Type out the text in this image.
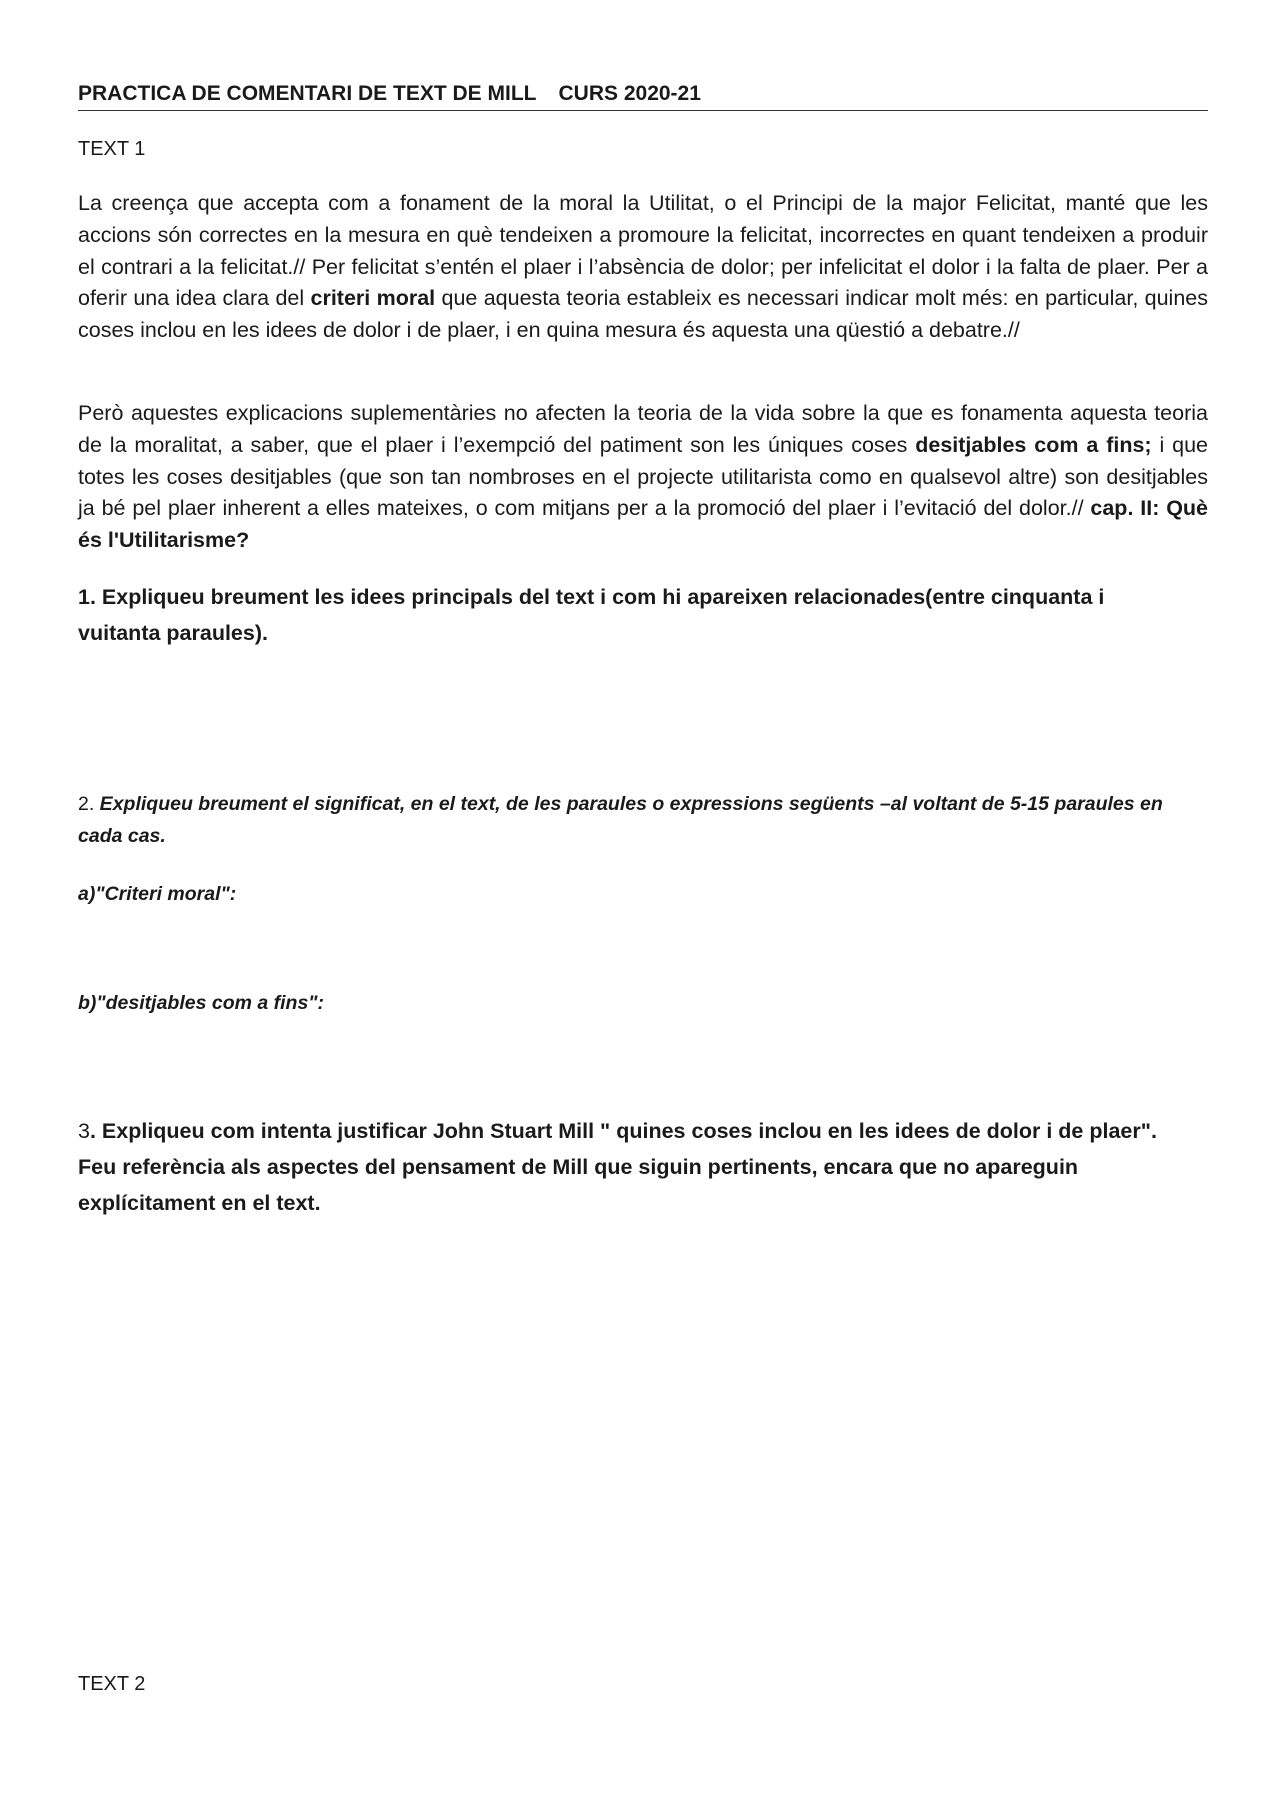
PRACTICA DE COMENTARI DE TEXT DE MILL CURS 2020-21
TEXT 1
La creença que accepta com a fonament de la moral la Utilitat, o el Principi de la major Felicitat, manté que les accions són correctes en la mesura en què tendeixen a promoure la felicitat, incorrectes en quant tendeixen a produir el contrari a la felicitat.// Per felicitat s’entén el plaer i l’absència de dolor; per infelicitat el dolor i la falta de plaer. Per a oferir una idea clara del criteri moral que aquesta teoria estableix es necessari indicar molt més: en particular, quines coses inclou en les idees de dolor i de plaer, i en quina mesura és aquesta una qüestió a debatre.//
Però aquestes explicacions suplementàries no afecten la teoria de la vida sobre la que es fonamenta aquesta teoria de la moralitat, a saber, que el plaer i l’exempció del patiment son les úniques coses desitjables com a fins; i que totes les coses desitjables (que son tan nombroses en el projecte utilitarista como en qualsevol altre) son desitjables ja bé pel plaer inherent a elles mateixes, o com mitjans per a la promoció del plaer i l’evitació del dolor.// cap. II: Què és l'Utilitarisme?
1. Expliqueu breument les idees principals del text i com hi apareixen relacionades(entre cinquanta i vuitanta paraules).
2. Expliqueu breument el significat, en el text, de les paraules o expressions següents –al voltant de 5-15 paraules en cada cas.
a)"Criteri moral":
b)"desitjables com a fins":
3. Expliqueu com intenta justificar John Stuart Mill " quines coses inclou en les idees de dolor i de plaer". Feu referència als aspectes del pensament de Mill que siguin pertinents, encara que no apareguin explícitament en el text.
TEXT 2
